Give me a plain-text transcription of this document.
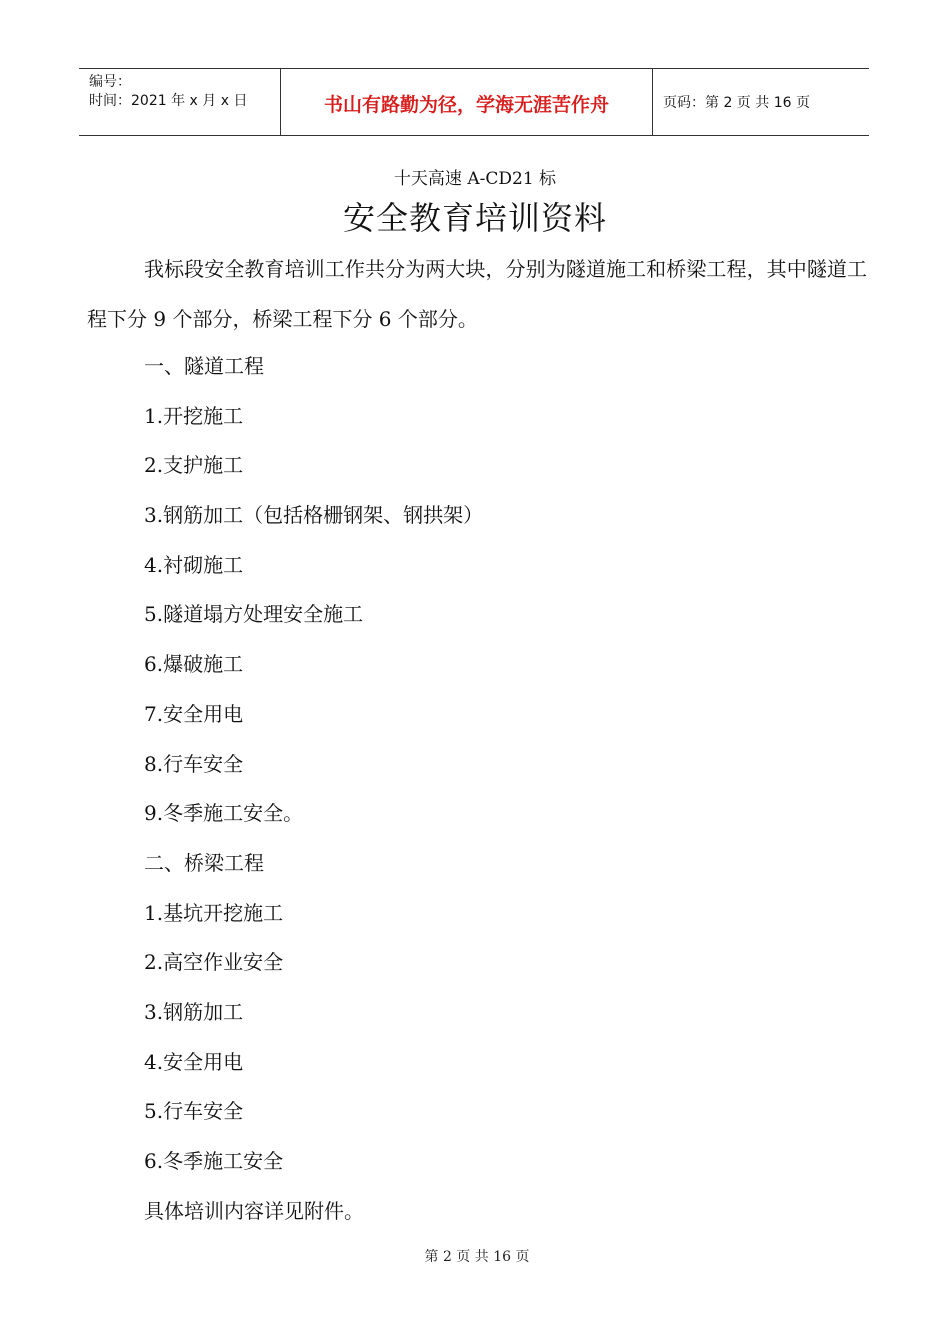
编号：
时间：2021 年 x 月 x 日	书山有路勤为径，学海无涯苦作舟	页码：第 2 页 共 16 页
十天高速 A-CD21 标
安全教育培训资料

我标段安全教育培训工作共分为两大块，分别为隧道施工和桥梁工程，其中隧道工程下分 9 个部分，桥梁工程下分 6 个部分。

一、隧道工程
1.开挖施工
2.支护施工
3.钢筋加工（包括格栅钢架、钢拱架）
4.衬砌施工
5.隧道塌方处理安全施工
6.爆破施工
7.安全用电
8.行车安全
9.冬季施工安全。
二、桥梁工程
1.基坑开挖施工
2.高空作业安全
3.钢筋加工
4.安全用电
5.行车安全
6.冬季施工安全
具体培训内容详见附件。
第 2 页 共 16 页
